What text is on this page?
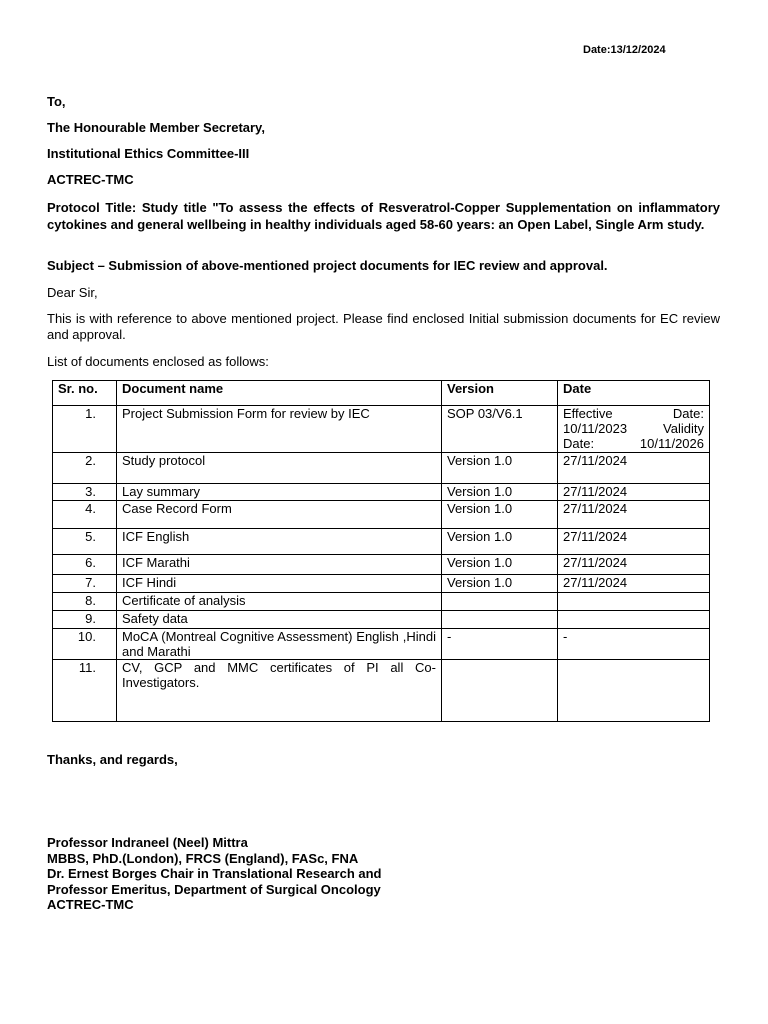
Date:13/12/2024
To,
The Honourable Member Secretary,
Institutional Ethics Committee-III
ACTREC-TMC
Protocol Title: Study title "To assess the effects of Resveratrol-Copper Supplementation on inflammatory cytokines and general wellbeing in healthy individuals aged 58-60 years: an Open Label, Single Arm study.
Subject – Submission of above-mentioned project documents for IEC review and approval.
Dear Sir,
This is with reference to above mentioned project. Please find enclosed Initial submission documents for EC review and approval.
List of documents enclosed as follows:
Sr. no.	Document name	Version	Date
1.	Project Submission Form for review by IEC	SOP 03/V6.1	Effective Date: 10/11/2023 Validity Date: 10/11/2026
2.	Study protocol	Version 1.0	27/11/2024
3.	Lay summary	Version 1.0	27/11/2024
4.	Case Record Form	Version 1.0	27/11/2024
5.	ICF English	Version 1.0	27/11/2024
6.	ICF Marathi	Version 1.0	27/11/2024
7.	ICF Hindi	Version 1.0	27/11/2024
8.	Certificate of analysis		
9.	Safety data		
10.	MoCA (Montreal Cognitive Assessment) English ,Hindi and Marathi	-	-
11.	CV, GCP and MMC certificates of PI all Co-Investigators.		
Thanks, and regards,
Professor Indraneel (Neel) Mittra
MBBS, PhD.(London), FRCS (England), FASc, FNA
Dr. Ernest Borges Chair in Translational Research and
Professor Emeritus, Department of Surgical Oncology
ACTREC-TMC
